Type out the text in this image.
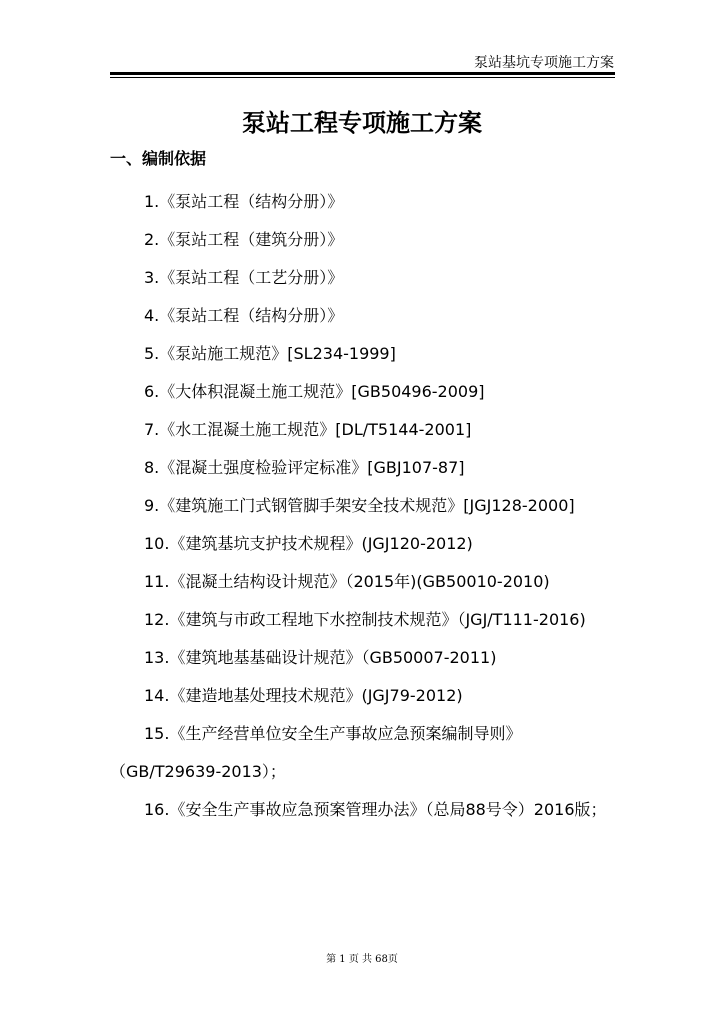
泵站基坑专项施工方案
泵站工程专项施工方案
一、编制依据
1.《泵站工程（结构分册）》
2.《泵站工程（建筑分册）》
3.《泵站工程（工艺分册）》
4.《泵站工程（结构分册）》
5.《泵站施工规范》[SL234-1999]
6.《大体积混凝土施工规范》[GB50496-2009]
7.《水工混凝土施工规范》[DL/T5144-2001]
8.《混凝土强度检验评定标准》[GBJ107-87]
9.《建筑施工门式钢管脚手架安全技术规范》[JGJ128-2000]
10.《建筑基坑支护技术规程》(JGJ120-2012)
11.《混凝土结构设计规范》（2015年)(GB50010-2010)
12.《建筑与市政工程地下水控制技术规范》（JGJ/T111-2016)
13.《建筑地基基础设计规范》（GB50007-2011)
14.《建造地基处理技术规范》(JGJ79-2012)
15.《生产经营单位安全生产事故应急预案编制导则》（GB/T29639-2013）；
16.《安全生产事故应急预案管理办法》（总局88号令）2016版；
第 1 页 共 68页
